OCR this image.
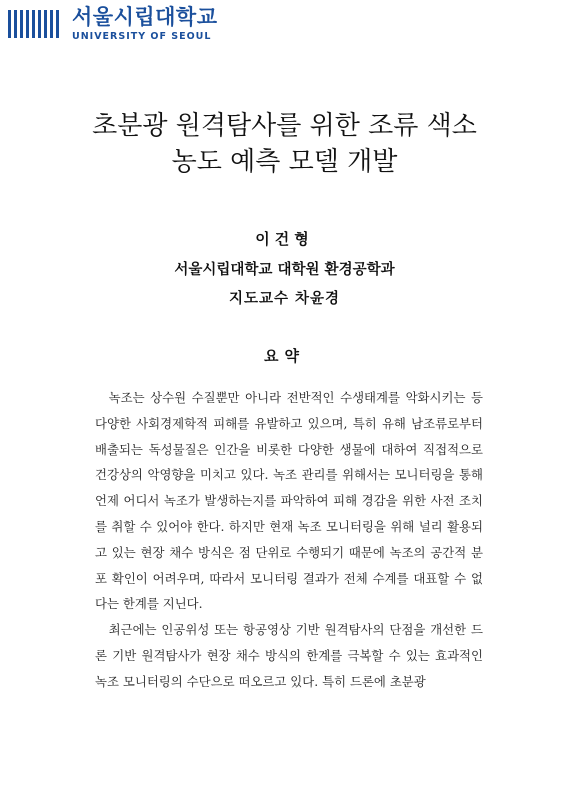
서울시립대학교
UNIVERSITY OF SEOUL
초분광 원격탐사를 위한 조류 색소
농도 예측 모델 개발
이건형
서울시립대학교 대학원 환경공학과
지도교수 차윤경
요약

녹조는 상수원 수질뿐만 아니라 전반적인 수생태계를 악화시키는 등 다양한 사회경제학적 피해를 유발하고 있으며, 특히 유해 남조류로부터 배출되는 독성물질은 인간을 비롯한 다양한 생물에 대하여 직접적으로 건강상의 악영향을 미치고 있다. 녹조 관리를 위해서는 모니터링을 통해 언제 어디서 녹조가 발생하는지를 파악하여 피해 경감을 위한 사전 조치를 취할 수 있어야 한다. 하지만 현재 녹조 모니터링을 위해 널리 활용되고 있는 현장 채수 방식은 점 단위로 수행되기 때문에 녹조의 공간적 분포 확인이 어려우며, 따라서 모니터링 결과가 전체 수계를 대표할 수 없다는 한계를 지닌다.

최근에는 인공위성 또는 항공영상 기반 원격탐사의 단점을 개선한 드론 기반 원격탐사가 현장 채수 방식의 한계를 극복할 수 있는 효과적인 녹조 모니터링의 수단으로 떠오르고 있다. 특히 드론에 초분광
